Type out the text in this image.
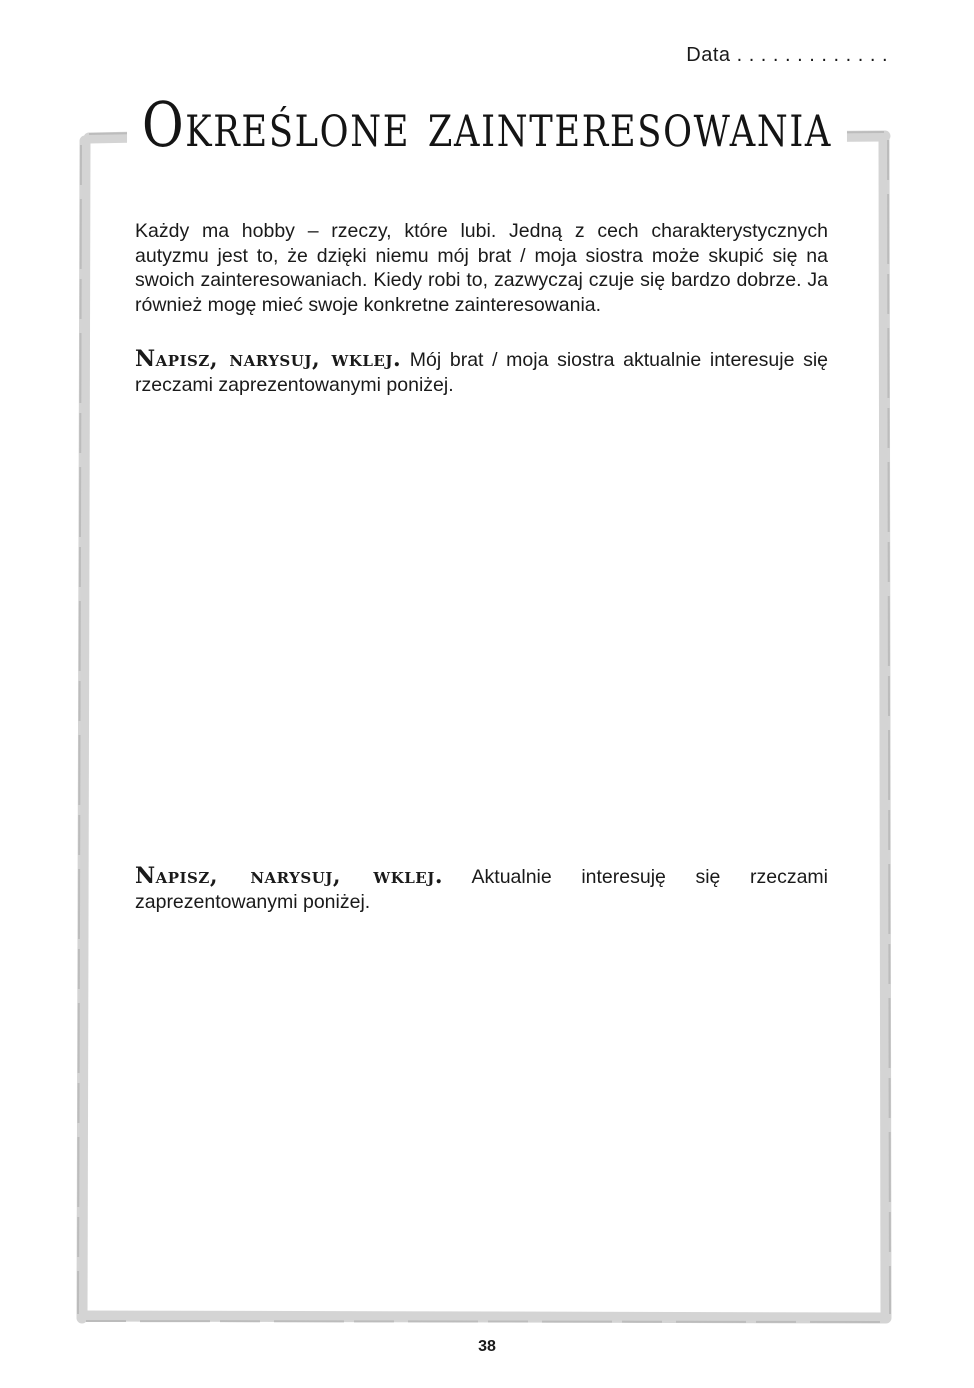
Data . . . . . . . . . . . . .
Określone zainteresowania

Każdy ma hobby – rzeczy, które lubi. Jedną z cech charakterystycznych autyzmu jest to, że dzięki niemu mój brat / moja siostra może skupić się na swoich zainteresowaniach. Kiedy robi to, zazwyczaj czuje się bardzo dobrze. Ja również mogę mieć swoje konkretne zainteresowania.

Napisz, narysuj, wklej. Mój brat / moja siostra aktualnie interesuje się rzeczami zaprezentowanymi poniżej.

Napisz, narysuj, wklej. Aktualnie interesuję się rzeczami zaprezentowanymi poniżej.

38
